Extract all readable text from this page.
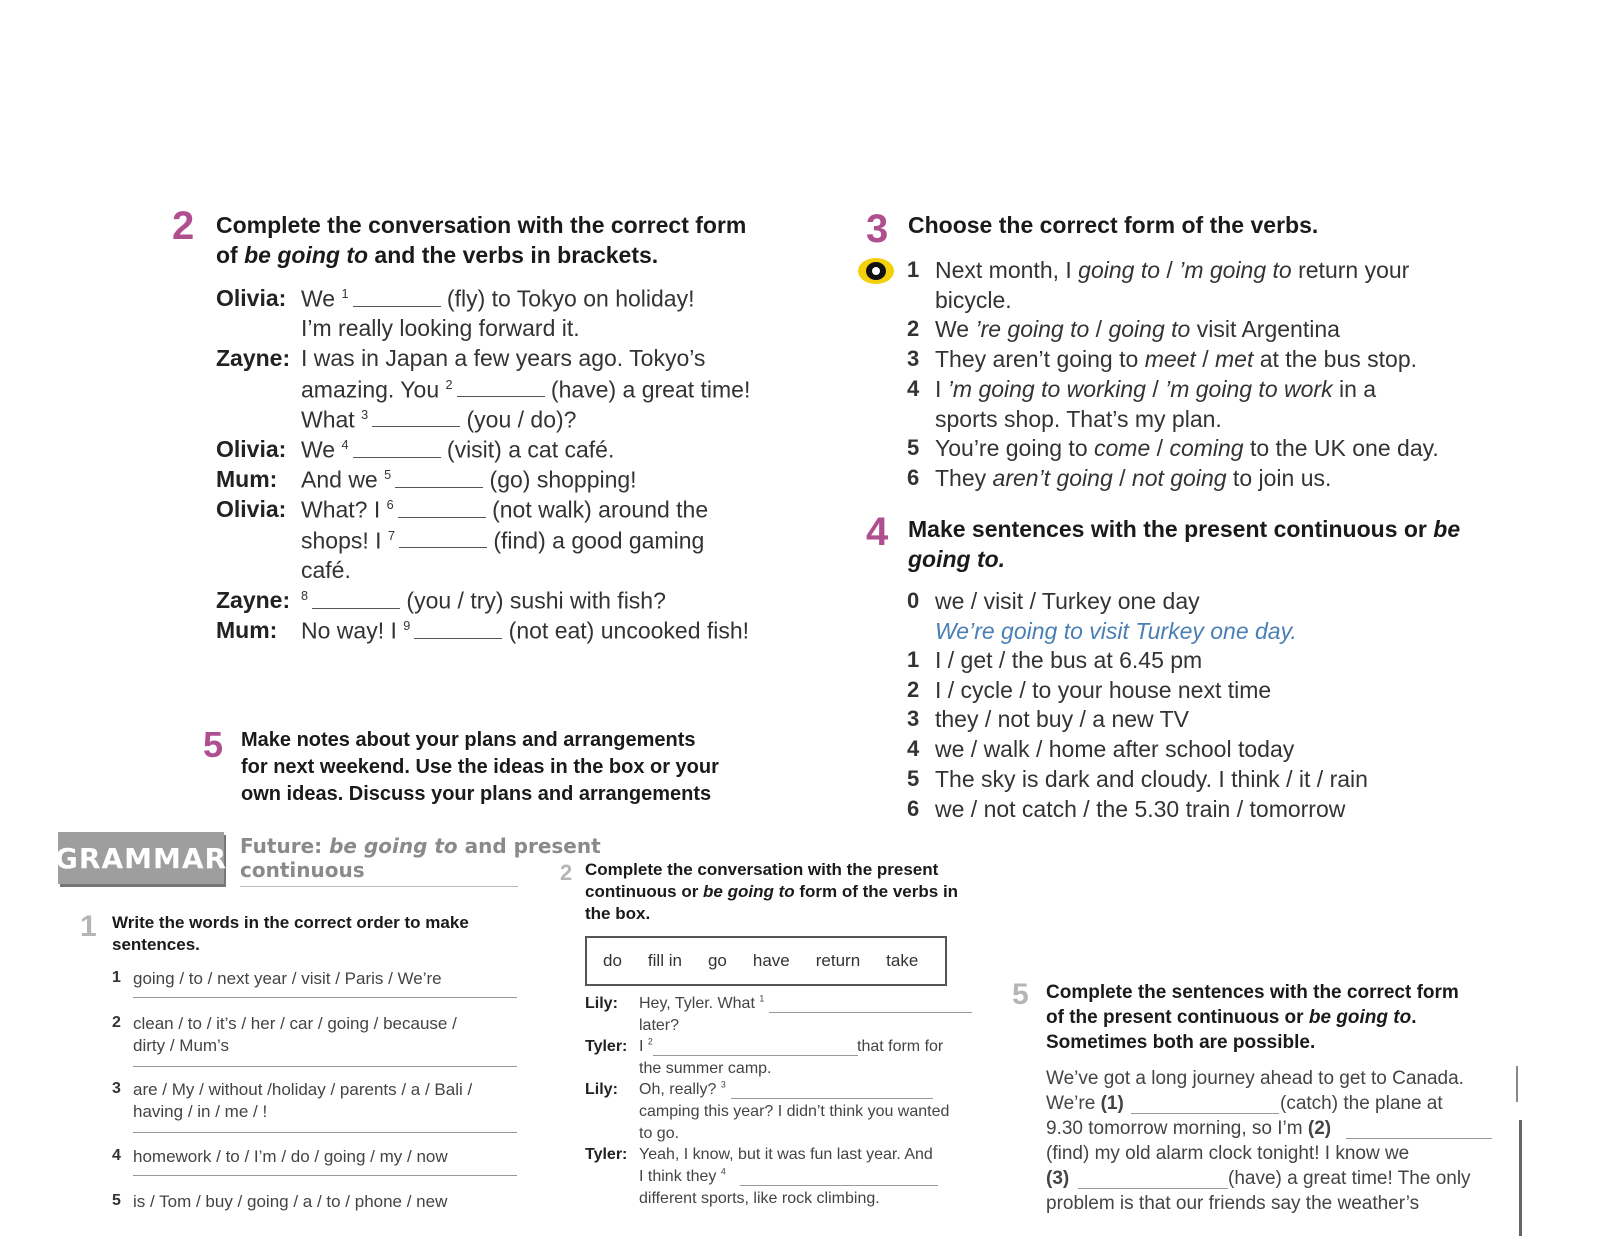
2 Complete the conversation with the correct form
of be going to and the verbs in brackets.
3 Choose the correct form of the verbs.
4 Make sentences with the present continuous or be
going to.
0 we / visit / Turkey one day
We’re going to visit Turkey one day.
5 Make notes about your plans and arrangements
for next weekend. Use the ideas in the box or your
own ideas. Discuss your plans and arrangements
GRAMMAR Future: be going to and present
continuous
1 Write the words in the correct order to make
sentences.
2 Complete the conversation with the present
continuous or be going to form of the verbs in
the box.
do fill in go have return take
Lily: Hey, Tyler. What $^1$
later?
Tyler: I $^2$	that form for
the summer camp.
Lily: Oh, really? $^3$
camping this year? I didn’t think you wanted
to go.
Tyler: Yeah, I know, but it was fun last year. And
I think they $^4$
different sports, like rock climbing.
5 Complete the sentences with the correct form
of the present continuous or be going to.
Sometimes both are possible.
We’ve got a long journey ahead to get to Canada.
We’re (1)	(catch) the plane at
9.30 tomorrow morning, so I’m (2)
(find) my old alarm clock tonight! I know we
(3)	(have) a great time! The only
problem is that our friends say the weather’s
Olivia: We $^1$	(fly) to Tokyo on holiday!
I’m really looking forward it.
Zayne: I was in Japan a few years ago. Tokyo’s
amazing. You $^2$	(have) a great time!
What $^3$	(you / do)?
Olivia: We $^4$	(visit) a cat café.
Mum: And we $^5$	(go) shopping!
Olivia: What? I $^6$	(not walk) around the
shops! I $^7$	(find) a good gaming
café.
Zayne: $^8$	(you / try) sushi with fish?
Mum: No way! I $^9$	(not eat) uncooked fish!
1 Next month, I going to / ’m going to return your
bicycle.
2 We ’re going to / going to visit Argentina
3 They aren’t going to meet / met at the bus stop.
4 I ’m going to working / ’m going to work in a
sports shop. That’s my plan.
5 You’re going to come / coming to the UK one day.
6 They aren’t going / not going to join us.
1 I / get / the bus at 6.45 pm
2 I / cycle / to your house next time
3 they / not buy / a new TV
4 we / walk / home after school today
5 The sky is dark and cloudy. I think / it / rain
6 we / not catch / the 5.30 train / tomorrow
1 going / to / next year / visit / Paris / We’re
2 clean / to / it’s / her / car / going / because /
dirty / Mum’s
3 are / My / without /holiday / parents / a / Bali /
having / in / me / !
4 homework / to / I’m / do / going / my / now
5 is / Tom / buy / going / a / to / phone / new
